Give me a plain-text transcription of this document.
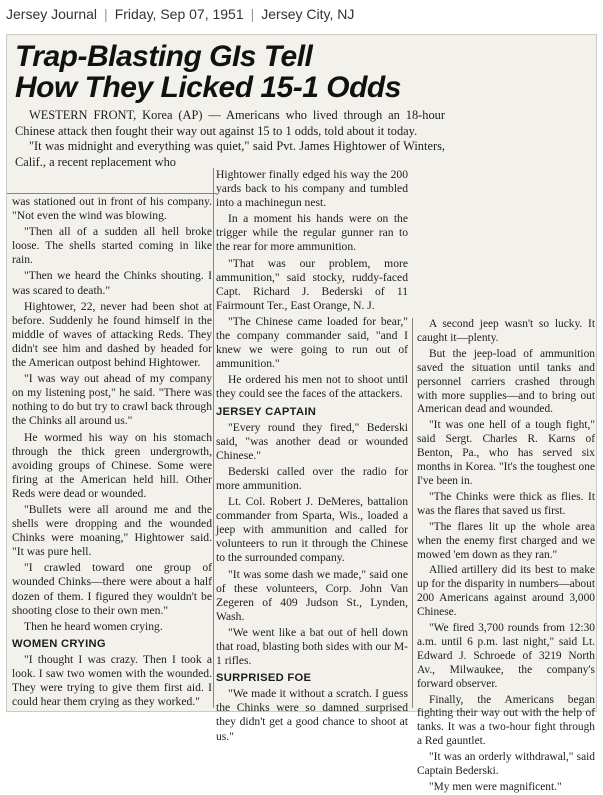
Jersey Journal | Friday, Sep 07, 1951 | Jersey City, NJ
Trap-Blasting GIs Tell
How They Licked 15-1 Odds

WESTERN FRONT, Korea (AP) — Americans who lived through an 18-hour Chinese attack then fought their way out against 15 to 1 odds, told about it today.

"It was midnight and everything was quiet," said Pvt. James Hightower of Winters, Calif., a recent replacement who

was stationed out in front of his company. "Not even the wind was blowing.

"Then all of a sudden all hell broke loose. The shells started coming in like rain.

"Then we heard the Chinks shouting. I was scared to death."

Hightower, 22, never had been shot at before. Suddenly he found himself in the middle of waves of attacking Reds. They didn't see him and dashed by headed for the American outpost behind Hightower.

"I was way out ahead of my company on my listening post," he said. "There was nothing to do but try to crawl back through the Chinks all around us."

He wormed his way on his stomach through the thick green undergrowth, avoiding groups of Chinese. Some were firing at the American held hill. Other Reds were dead or wounded.

"Bullets were all around me and the shells were dropping and the wounded Chinks were moaning," Hightower said. "It was pure hell.

"I crawled toward one group of wounded Chinks—there were about a half dozen of them. I figured they wouldn't be shooting close to their own men."

Then he heard women crying.

WOMEN CRYING

"I thought I was crazy. Then I took a look. I saw two women with the wounded. They were trying to give them first aid. I could hear them crying as they worked."

Hightower finally edged his way the 200 yards back to his company and tumbled into a machinegun nest.

In a moment his hands were on the trigger while the regular gunner ran to the rear for more ammunition.

"That was our problem, more ammunition," said stocky, ruddy-faced Capt. Richard J. Bederski of 11 Fairmount Ter., East Orange, N. J.

"The Chinese came loaded for bear," the company commander said, "and I knew we were going to run out of ammunition."

He ordered his men not to shoot until they could see the faces of the attackers.

JERSEY CAPTAIN

"Every round they fired," Bederski said, "was another dead or wounded Chinese."

Bederski called over the radio for more ammunition.

Lt. Col. Robert J. DeMeres, battalion commander from Sparta, Wis., loaded a jeep with ammunition and called for volunteers to run it through the Chinese to the surrounded company.

"It was some dash we made," said one of these volunteers, Corp. John Van Zegeren of 409 Judson St., Lynden, Wash.

"We went like a bat out of hell down that road, blasting both sides with our M-1 rifles.

SURPRISED FOE

"We made it without a scratch. I guess the Chinks were so damned surprised they didn't get a good chance to shoot at us."

A second jeep wasn't so lucky. It caught it—plenty.

But the jeep-load of ammunition saved the situation until tanks and personnel carriers crashed through with more supplies—and to bring out American dead and wounded.

"It was one hell of a tough fight," said Sergt. Charles R. Karns of Benton, Pa., who has served six months in Korea. "It's the toughest one I've been in.

"The Chinks were thick as flies. It was the flares that saved us first.

"The flares lit up the whole area when the enemy first charged and we mowed 'em down as they ran."

Allied artillery did its best to make up for the disparity in numbers—about 200 Americans against around 3,000 Chinese.

"We fired 3,700 rounds from 12:30 a.m. until 6 p.m. last night," said Lt. Edward J. Schroede of 3219 North Av., Milwaukee, the company's forward observer.

Finally, the Americans began fighting their way out with the help of tanks. It was a two-hour fight through a Red gauntlet.

"It was an orderly withdrawal," said Captain Bederski.

"My men were magnificent."
